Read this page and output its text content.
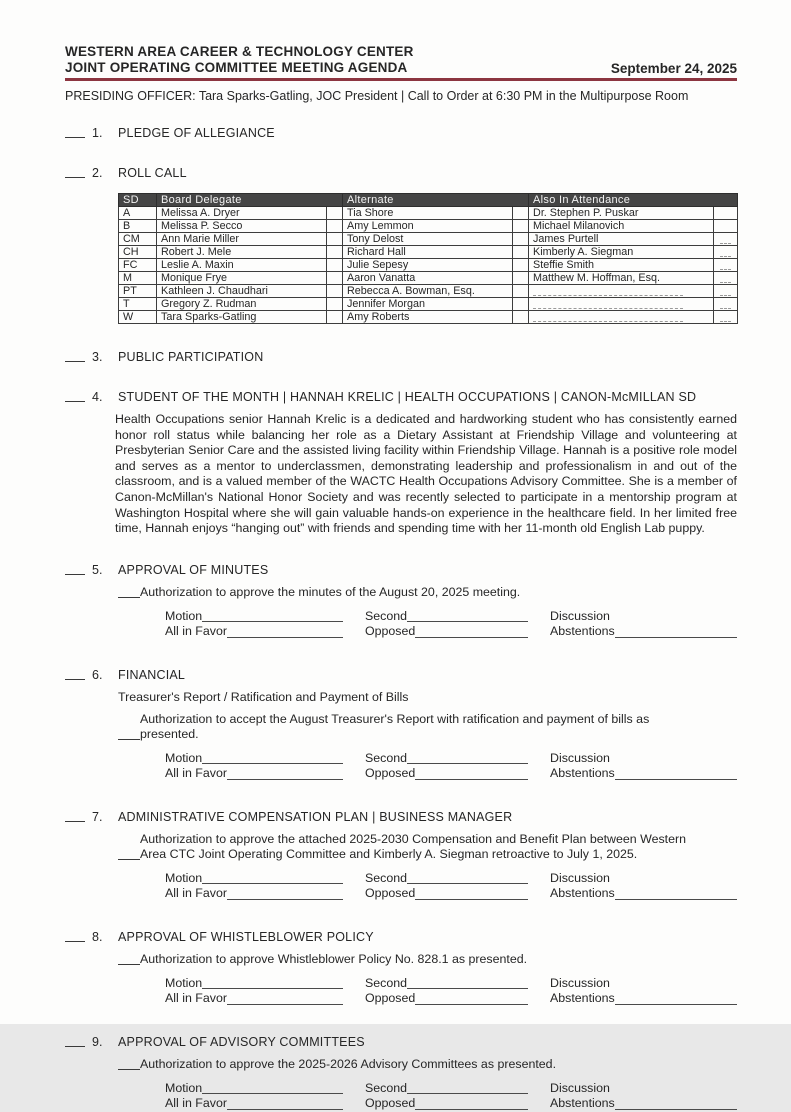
WESTERN AREA CAREER & TECHNOLOGY CENTER
JOINT OPERATING COMMITTEE MEETING AGENDA	September 24, 2025
PRESIDING OFFICER: Tara Sparks-Gatling, JOC President | Call to Order at 6:30 PM in the Multipurpose Room
1.	PLEDGE OF ALLEGIANCE
2.	ROLL CALL
SD	Board Delegate		Alternate		Also In Attendance	
A	Melissa A. Dryer		Tia Shore		Dr. Stephen P. Puskar	
B	Melissa P. Secco		Amy Lemmon		Michael Milanovich	
CM	Ann Marie Miller		Tony Delost		James Purtell	

CH	Robert J. Mele		Richard Hall		Kimberly A. Siegman	

FC	Leslie A. Maxin		Julie Sepesy		Steffie Smith	

M	Monique Frye		Aaron Vanatta		Matthew M. Hoffman, Esq.	

PT	Kathleen J. Chaudhari		Rebecca A. Bowman, Esq.		

T	Gregory Z. Rudman		Jennifer Morgan		

W	Tara Sparks-Gatling		Amy Roberts		

3.	PUBLIC PARTICIPATION
4.	STUDENT OF THE MONTH | HANNAH KRELIC | HEALTH OCCUPATIONS | CANON-McMILLAN SD

Health Occupations senior Hannah Krelic is a dedicated and hardworking student who has consistently earned honor roll status while balancing her role as a Dietary Assistant at Friendship Village and volunteering at Presbyterian Senior Care and the assisted living facility within Friendship Village. Hannah is a positive role model and serves as a mentor to underclassmen, demonstrating leadership and professionalism in and out of the classroom, and is a valued member of the WACTC Health Occupations Advisory Committee. She is a member of Canon-McMillan's National Honor Society and was recently selected to participate in a mentorship program at Washington Hospital where she will gain valuable hands-on experience in the healthcare field. In her limited free time, Hannah enjoys “hanging out” with friends and spending time with her 11-month old English Lab puppy.

5.	APPROVAL OF MINUTES
Authorization to approve the minutes of the August 20, 2025 meeting.
Motion	Second	Discussion
All in Favor	Opposed	Abstentions
6.	FINANCIAL
Treasurer's Report / Ratification and Payment of Bills
Authorization to accept the August Treasurer's Report with ratification and payment of bills as presented.
Motion	Second	Discussion
All in Favor	Opposed	Abstentions
7.	ADMINISTRATIVE COMPENSATION PLAN | BUSINESS MANAGER
Authorization to approve the attached 2025-2030 Compensation and Benefit Plan between Western Area CTC Joint Operating Committee and Kimberly A. Siegman retroactive to July 1, 2025.
Motion	Second	Discussion
All in Favor	Opposed	Abstentions
8.	APPROVAL OF WHISTLEBLOWER POLICY
Authorization to approve Whistleblower Policy No. 828.1 as presented.
Motion	Second	Discussion
All in Favor	Opposed	Abstentions
9.	APPROVAL OF ADVISORY COMMITTEES
Authorization to approve the 2025-2026 Advisory Committees as presented.
Motion	Second	Discussion
All in Favor	Opposed	Abstentions
